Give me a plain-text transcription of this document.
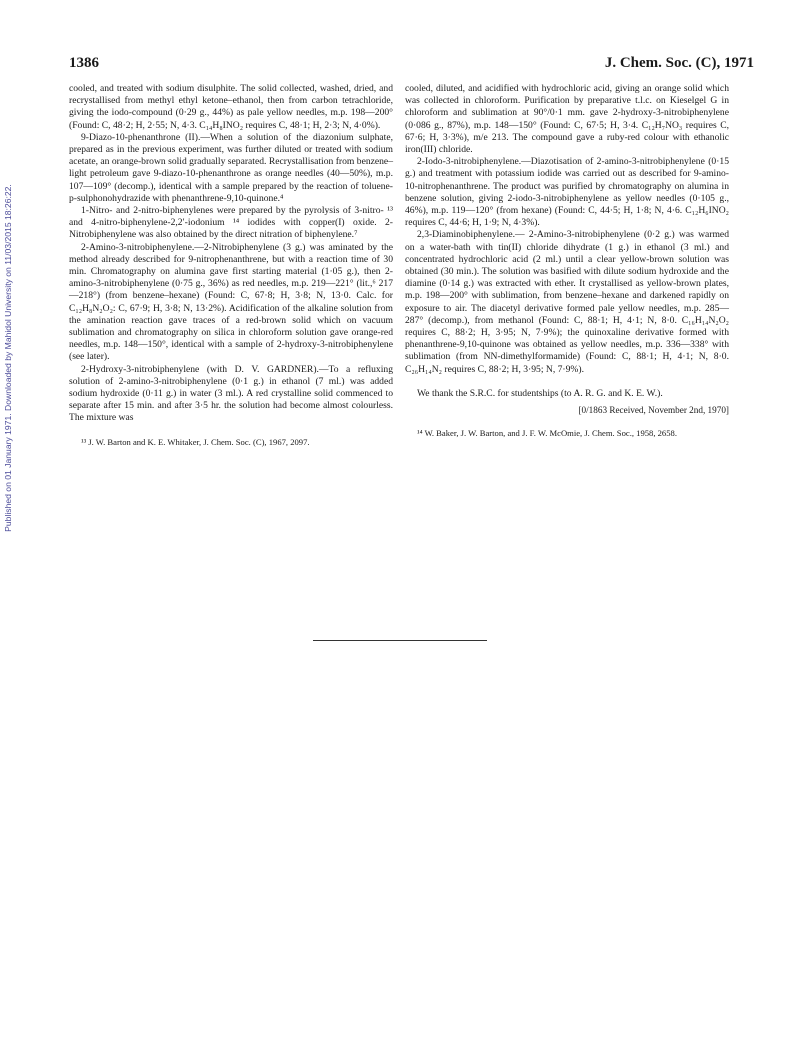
Published on 01 January 1971. Downloaded by Mahidol University on 11/03/2015 18:26:22.
1386	J. Chem. Soc. (C), 1971

cooled, and treated with sodium disulphite. The solid collected, washed, dried, and recrystallised from methyl ethyl ketone–ethanol, then from carbon tetrachloride, giving the iodo-compound (0·29 g., 44%) as pale yellow needles, m.p. 198—200° (Found: C, 48·2; H, 2·55; N, 4·3. C₁₄H₈INO₂ requires C, 48·1; H, 2·3; N, 4·0%).

9-Diazo-10-phenanthrone (II).—When a solution of the diazonium sulphate, prepared as in the previous experiment, was further diluted or treated with sodium acetate, an orange-brown solid gradually separated. Recrystallisation from benzene–light petroleum gave 9-diazo-10-phenanthrone as orange needles (40—50%), m.p. 107—109° (decomp.), identical with a sample prepared by the reaction of toluene-p-sulphonohydrazide with phenanthrene-9,10-quinone.⁴

1-Nitro- and 2-nitro-biphenylenes were prepared by the pyrolysis of 3-nitro- ¹³ and 4-nitro-biphenylene-2,2′-iodonium ¹⁴ iodides with copper(I) oxide. 2-Nitrobiphenylene was also obtained by the direct nitration of biphenylene.⁷

2-Amino-3-nitrobiphenylene.—2-Nitrobiphenylene (3 g.) was aminated by the method already described for 9-nitrophenanthrene, but with a reaction time of 30 min. Chromatography on alumina gave first starting material (1·05 g.), then 2-amino-3-nitrobiphenylene (0·75 g., 36%) as red needles, m.p. 219—221° (lit.,⁶ 217—218°) (from benzene–hexane) (Found: C, 67·8; H, 3·8; N, 13·0. Calc. for C₁₂H₈N₂O₂: C, 67·9; H, 3·8; N, 13·2%). Acidification of the alkaline solution from the amination reaction gave traces of a red-brown solid which on vacuum sublimation and chromatography on silica in chloroform solution gave orange-red needles, m.p. 148—150°, identical with a sample of 2-hydroxy-3-nitrobiphenylene (see later).

2-Hydroxy-3-nitrobiphenylene (with D. V. GARDNER).—To a refluxing solution of 2-amino-3-nitrobiphenylene (0·1 g.) in ethanol (7 ml.) was added sodium hydroxide (0·11 g.) in water (3 ml.). A red crystalline solid commenced to separate after 15 min. and after 3·5 hr. the solution had become almost colourless. The mixture was

¹³ J. W. Barton and K. E. Whitaker, J. Chem. Soc. (C), 1967, 2097.

cooled, diluted, and acidified with hydrochloric acid, giving an orange solid which was collected in chloroform. Purification by preparative t.l.c. on Kieselgel G in chloroform and sublimation at 90°/0·1 mm. gave 2-hydroxy-3-nitrobiphenylene (0·086 g., 87%), m.p. 148—150° (Found: C, 67·5; H, 3·4. C₁₂H₇NO₃ requires C, 67·6; H, 3·3%), m/e 213. The compound gave a ruby-red colour with ethanolic iron(III) chloride.

2-Iodo-3-nitrobiphenylene.—Diazotisation of 2-amino-3-nitrobiphenylene (0·15 g.) and treatment with potassium iodide was carried out as described for 9-amino-10-nitrophenanthrene. The product was purified by chromatography on alumina in benzene solution, giving 2-iodo-3-nitrobiphenylene as yellow needles (0·105 g., 46%), m.p. 119—120° (from hexane) (Found: C, 44·5; H, 1·8; N, 4·6. C₁₂H₆INO₂ requires C, 44·6; H, 1·9; N, 4·3%).

2,3-Diaminobiphenylene.— 2-Amino-3-nitrobiphenylene (0·2 g.) was warmed on a water-bath with tin(II) chloride dihydrate (1 g.) in ethanol (3 ml.) and concentrated hydrochloric acid (2 ml.) until a clear yellow-brown solution was obtained (30 min.). The solution was basified with dilute sodium hydroxide and the diamine (0·14 g.) was extracted with ether. It crystallised as yellow-brown plates, m.p. 198—200° with sublimation, from benzene–hexane and darkened rapidly on exposure to air. The diacetyl derivative formed pale yellow needles, m.p. 285—287° (decomp.), from methanol (Found: C, 88·1; H, 4·1; N, 8·0. C₁₆H₁₄N₂O₂ requires C, 88·2; H, 3·95; N, 7·9%); the quinoxaline derivative formed with phenanthrene-9,10-quinone was obtained as yellow needles, m.p. 336—338° with sublimation (from NN-dimethylformamide) (Found: C, 88·1; H, 4·1; N, 8·0. C₂₆H₁₄N₂ requires C, 88·2; H, 3·95; N, 7·9%).

We thank the S.R.C. for studentships (to A. R. G. and K. E. W.).

[0/1863 Received, November 2nd, 1970]
¹⁴ W. Baker, J. W. Barton, and J. F. W. McOmie, J. Chem. Soc., 1958, 2658.
